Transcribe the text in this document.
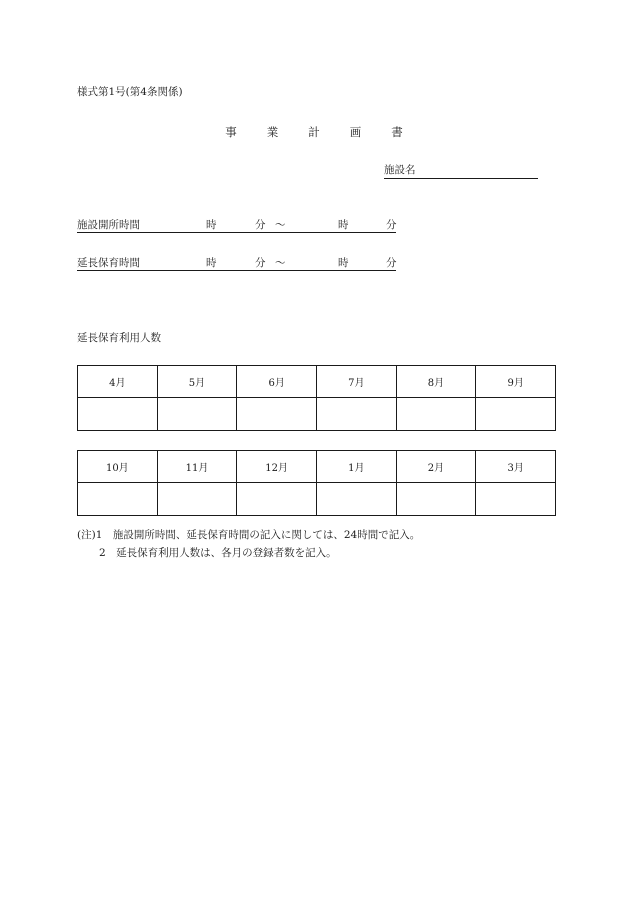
様式第1号(第4条関係)
事 業 計 画 書
施設名
施設開所時間	時	分 ～	時	分
延長保育時間	時	分 ～	時	分
延長保育利用人数
4月	5月	6月	7月	8月	9月

10月	11月	12月	1月	2月	3月

(注)1　施設開所時間、延長保育時間の記入に関しては、24時間で記入。
2　延長保育利用人数は、各月の登録者数を記入。
